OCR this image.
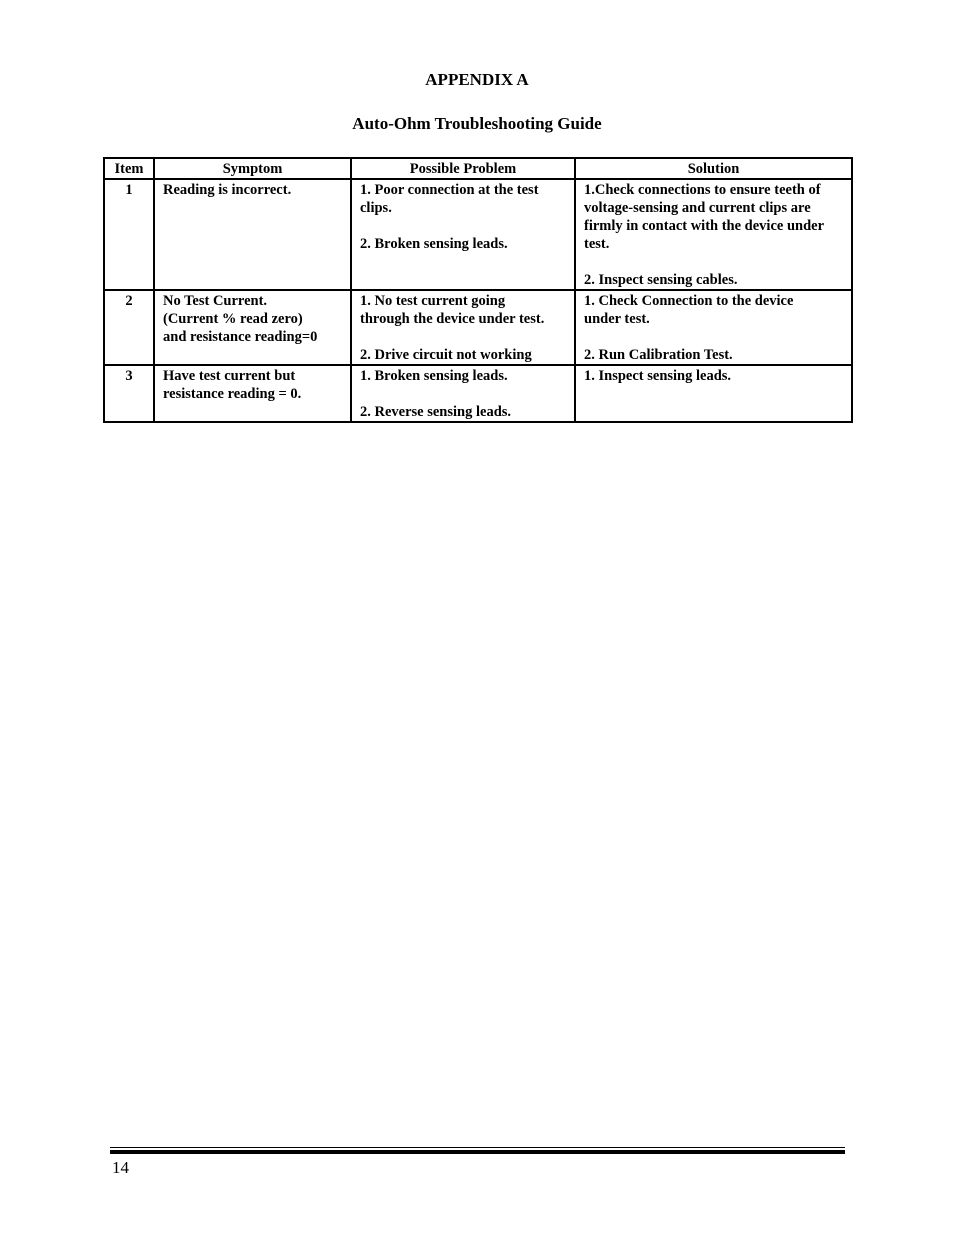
APPENDIX A
Auto-Ohm Troubleshooting Guide
Item	Symptom	Possible Problem	Solution
1	Reading is incorrect.	1. Poor connection at the test
clips.
2. Broken sensing leads.	1.Check connections to ensure teeth of
voltage-sensing and current clips are
firmly in contact with the device under
test.
2. Inspect sensing cables.

2	No Test Current.
(Current % read zero)
and resistance reading=0	1. No test current going
through the device under test.
2. Drive circuit not working	1. Check Connection to the device
under test.
2. Run Calibration Test.

3	Have test current but
resistance reading = 0.	1. Broken sensing leads.
2. Reverse sensing leads.	1. Inspect sensing leads.
14
